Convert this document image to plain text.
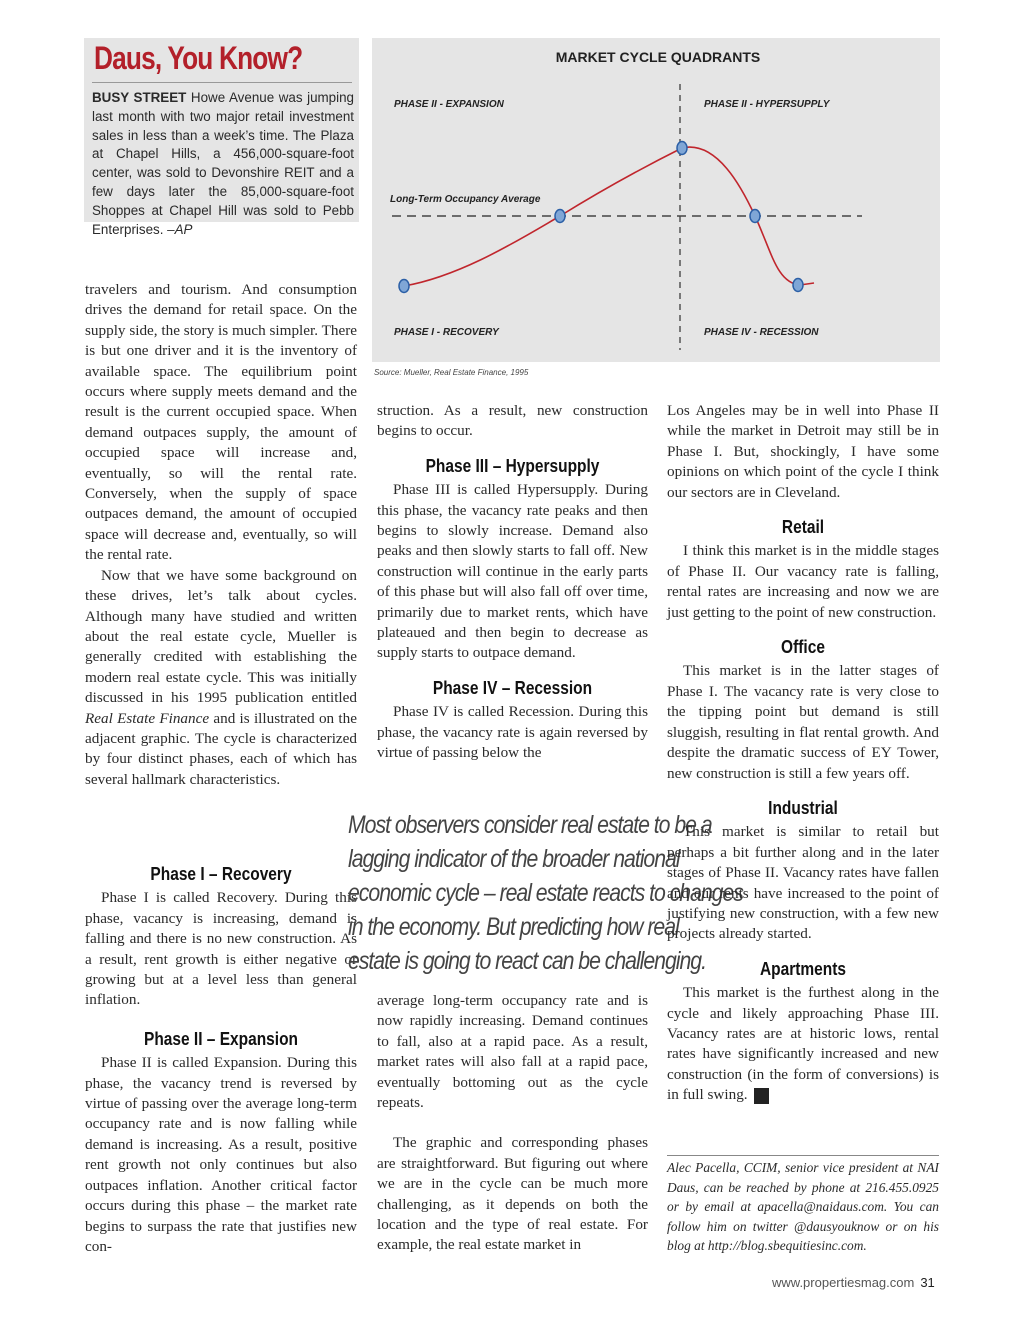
Daus, You Know?
BUSY STREET Howe Avenue was jumping last month with two major retail investment sales in less than a week’s time. The Plaza at Chapel Hills, a 456,000-square-foot center, was sold to Devonshire REIT and a few days later the 85,000-square-foot Shoppes at Chapel Hill was sold to Pebb Enterprises. –AP
MARKET CYCLE QUADRANTS
PHASE II - EXPANSION	PHASE II - HYPERSUPPLY
PHASE I - RECOVERY	PHASE IV - RECESSION
Long-Term Occupancy Average
Source: Mueller, Real Estate Finance, 1995

travelers and tourism. And consumption drives the demand for retail space. On the supply side, the story is much simpler. There is but one driver and it is the inventory of available space. The equilibrium point occurs where supply meets demand and the result is the current occupied space. When demand outpaces supply, the amount of occupied space will increase and, eventually, so will the rental rate. Conversely, when the supply of space outpaces demand, the amount of occupied space will decrease and, eventually, so will the rental rate.

Now that we have some background on these drives, let’s talk about cycles. Although many have studied and written about the real estate cycle, Mueller is generally credited with establishing the modern real estate cycle. This was initially discussed in his 1995 publication entitled Real Estate Finance and is illustrated on the adjacent graphic. The cycle is characterized by four distinct phases, each of which has several hallmark characteristics.

Phase I – Recovery

Phase I is called Recovery. During this phase, vacancy is increasing, demand is falling and there is no new construction. As a result, rent growth is either negative or growing but at a level less than general inflation.

Phase II – Expansion

Phase II is called Expansion. During this phase, the vacancy trend is reversed by virtue of passing over the average long-term occupancy rate and is now falling while demand is increasing. As a result, positive rent growth not only continues but also outpaces inflation. Another critical factor occurs during this phase – the market rate begins to surpass the rate that justifies new con-

struction. As a result, new construction begins to occur.

Phase III – Hypersupply

Phase III is called Hypersupply. During this phase, the vacancy rate peaks and then begins to slowly increase. Demand also peaks and then slowly starts to fall off. New construction will continue in the early parts of this phase but will also fall off over time, primarily due to market rents, which have plateaued and then begin to decrease as supply starts to outpace demand.

Phase IV – Recession

Phase IV is called Recession. During this phase, the vacancy rate is again reversed by virtue of passing below the

Most observers consider real estate to be a
lagging indicator of the broader national
economic cycle – real estate reacts to changes
in the economy. But predicting how real
estate is going to react can be challenging.

average long-term occupancy rate and is now rapidly increasing. Demand continues to fall, also at a rapid pace. As a result, market rates will also fall at a rapid pace, eventually bottoming out as the cycle repeats.

The graphic and corresponding phases are straightforward. But figuring out where we are in the cycle can be much more challenging, as it depends on both the location and the type of real estate. For example, the real estate market in

Los Angeles may be in well into Phase II while the market in Detroit may still be in Phase I. But, shockingly, I have some opinions on which point of the cycle I think our sectors are in Cleveland.

Retail

I think this market is in the middle stages of Phase II. Our vacancy rate is falling, rental rates are increasing and now we are just getting to the point of new construction.

Office

This market is in the latter stages of Phase I. The vacancy rate is very close to the tipping point but demand is still sluggish, resulting in flat rental growth. And despite the dramatic success of EY Tower, new construction is still a few years off.

Industrial

This market is similar to retail but perhaps a bit further along and in the later stages of Phase II. Vacancy rates have fallen and our rents have increased to the point of justifying new construction, with a few new projects already started.

Apartments

This market is the furthest along in the cycle and likely approaching Phase III. Vacancy rates are at historic lows, rental rates have significantly increased and new construction (in the form of conversions) is in full swing. P

Alec Pacella, CCIM, senior vice president at NAI Daus, can be reached by phone at 216.455.0925 or by email at apacella@naidaus.com. You can follow him on twitter @dausyouknow or on his blog at http://blog.sbequitiesinc.com.
www.propertiesmag.com 31
